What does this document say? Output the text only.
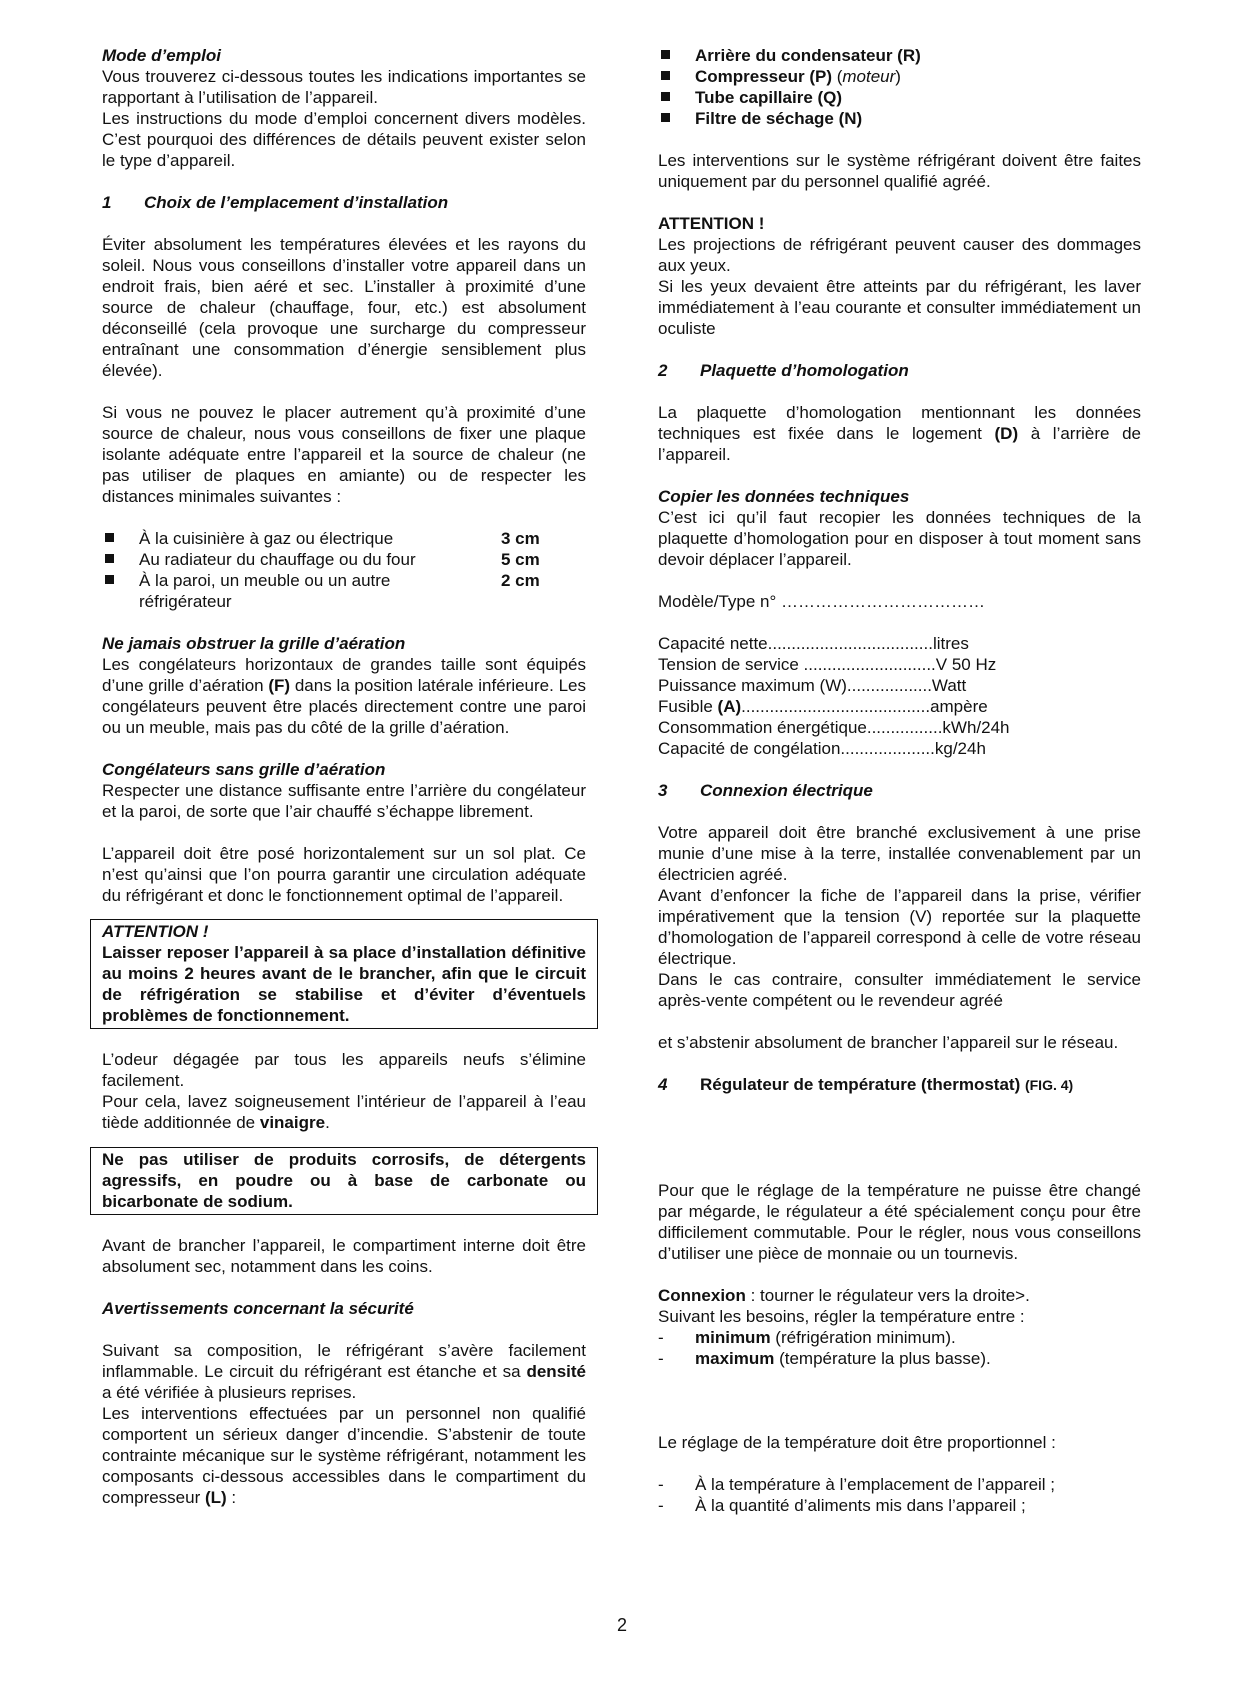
Mode d’emploi

Vous trouverez ci-dessous toutes les indications importantes se rapportant à l’utilisation de l’appareil.

Les instructions du mode d’emploi concernent divers modèles. C’est pourquoi des différences de détails peuvent exister selon le type d’appareil.

1 Choix de l’emplacement d’installation

Éviter absolument les températures élevées et les rayons du soleil. Nous vous conseillons d’installer votre appareil dans un endroit frais, bien aéré et sec. L’installer à proximité d’une source de chaleur (chauffage, four, etc.) est absolument déconseillé (cela provoque une surcharge du compresseur entraînant une consommation d’énergie sensiblement plus élevée).

Si vous ne pouvez le placer autrement qu’à proximité d’une source de chaleur, nous vous conseillons de fixer une plaque isolante adéquate entre l’appareil et la source de chaleur (ne pas utiliser de plaques en amiante) ou de respecter les distances minimales suivantes :

À la cuisinière à gaz ou électrique	3 cm
Au radiateur du chauffage ou du four	5 cm
À la paroi, un meuble ou un autre réfrigérateur
2 cm

Ne jamais obstruer la grille d’aération

Les congélateurs horizontaux de grandes taille sont équipés d’une grille d’aération (F) dans la position latérale inférieure. Les congélateurs peuvent être placés directement contre une paroi ou un meuble, mais pas du côté de la grille d’aération.

Congélateurs sans grille d’aération

Respecter une distance suffisante entre l’arrière du congélateur et la paroi, de sorte que l’air chauffé s’échappe librement.

L’appareil doit être posé horizontalement sur un sol plat. Ce n’est qu’ainsi que l’on pourra garantir une circulation adéquate du réfrigérant et donc le fonctionnement optimal de l’appareil.

ATTENTION !

Laisser reposer l’appareil à sa place d’installation définitive au moins 2 heures avant de le brancher, afin que le circuit de réfrigération se stabilise et d’éviter d’éventuels problèmes de fonctionnement.

L’odeur dégagée par tous les appareils neufs s’élimine facilement.

Pour cela, lavez soigneusement l’intérieur de l’appareil à l’eau tiède additionnée de vinaigre.

Ne pas utiliser de produits corrosifs, de détergents agressifs, en poudre ou à base de carbonate ou bicarbonate de sodium.

Avant de brancher l’appareil, le compartiment interne doit être absolument sec, notamment dans les coins.

Avertissements concernant la sécurité

Suivant sa composition, le réfrigérant s’avère facilement inflammable. Le circuit du réfrigérant est étanche et sa densité a été vérifiée à plusieurs reprises.

Les interventions effectuées par un personnel non qualifié comportent un sérieux danger d’incendie. S’abstenir de toute contrainte mécanique sur le système réfrigérant, notamment les composants ci-dessous accessibles dans le compartiment du compresseur (L) :

Arrière du condensateur (R)
Compresseur (P) (moteur)
Tube capillaire (Q)
Filtre de séchage (N)

Les interventions sur le système réfrigérant doivent être faites uniquement par du personnel qualifié agréé.

ATTENTION !

Les projections de réfrigérant peuvent causer des dommages aux yeux.

Si les yeux devaient être atteints par du réfrigérant, les laver immédiatement à l’eau courante et consulter immédiatement un oculiste

2 Plaquette d’homologation

La plaquette d’homologation mentionnant les données techniques est fixée dans le logement (D) à l’arrière de l’appareil.

Copier les données techniques

C’est ici qu’il faut recopier les données techniques de la plaquette d’homologation pour en disposer à tout moment sans devoir déplacer l’appareil.

Modèle/Type n° ………………………………

Capacité nette...................................litres

Tension de service ............................V 50 Hz

Puissance maximum (W)..................Watt

Fusible (A)........................................ampère

Consommation énergétique................kWh/24h

Capacité de congélation....................kg/24h

3 Connexion électrique

Votre appareil doit être branché exclusivement à une prise munie d’une mise à la terre, installée convenablement par un électricien agréé.

Avant d’enfoncer la fiche de l’appareil dans la prise, vérifier impérativement que la tension (V) reportée sur la plaquette d’homologation de l’appareil correspond à celle de votre réseau électrique.

Dans le cas contraire, consulter immédiatement le service après-vente compétent ou le revendeur agréé

et s’abstenir absolument de brancher l’appareil sur le réseau.

4 Régulateur de température (thermostat) (FIG. 4)

Pour que le réglage de la température ne puisse être changé par mégarde, le régulateur a été spécialement conçu pour être difficilement commutable. Pour le régler, nous vous conseillons d’utiliser une pièce de monnaie ou un tournevis.

Connexion : tourner le régulateur vers la droite>.

Suivant les besoins, régler la température entre :

- minimum (réfrigération minimum).
- maximum (température la plus basse).

Le réglage de la température doit être proportionnel :

- À la température à l’emplacement de l’appareil ;
- À la quantité d’aliments mis dans l’appareil ;
2
